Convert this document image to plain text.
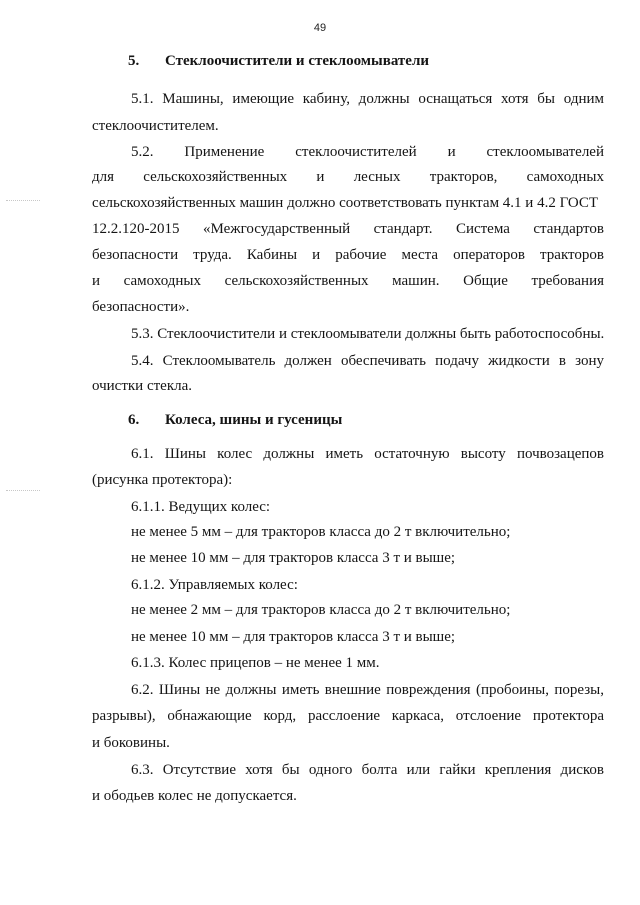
49
5. Стеклоочистители и стеклоомыватели
5.1. Машины, имеющие кабину, должны оснащаться хотя бы одним
стеклоочистителем.
5.2. Применение стеклоочистителей и стеклоомывателей
для сельскохозяйственных и лесных тракторов, самоходных
сельскохозяйственных машин должно соответствовать пунктам 4.1 и 4.2 ГОСТ
12.2.120-2015 «Межгосударственный стандарт. Система стандартов
безопасности труда. Кабины и рабочие места операторов тракторов
и самоходных сельскохозяйственных машин. Общие требования
безопасности».
5.3. Стеклоочистители и стеклоомыватели должны быть работоспособны.
5.4. Стеклоомыватель должен обеспечивать подачу жидкости в зону
очистки стекла.
6. Колеса, шины и гусеницы
6.1. Шины колес должны иметь остаточную высоту почвозацепов
(рисунка протектора):
6.1.1. Ведущих колес:
не менее 5 мм – для тракторов класса до 2 т включительно;
не менее 10 мм – для тракторов класса 3 т и выше;
6.1.2. Управляемых колес:
не менее 2 мм – для тракторов класса до 2 т включительно;
не менее 10 мм – для тракторов класса 3 т и выше;
6.1.3. Колес прицепов – не менее 1 мм.
6.2. Шины не должны иметь внешние повреждения (пробоины, порезы,
разрывы), обнажающие корд, расслоение каркаса, отслоение протектора
и боковины.
6.3. Отсутствие хотя бы одного болта или гайки крепления дисков
и ободьев колес не допускается.
